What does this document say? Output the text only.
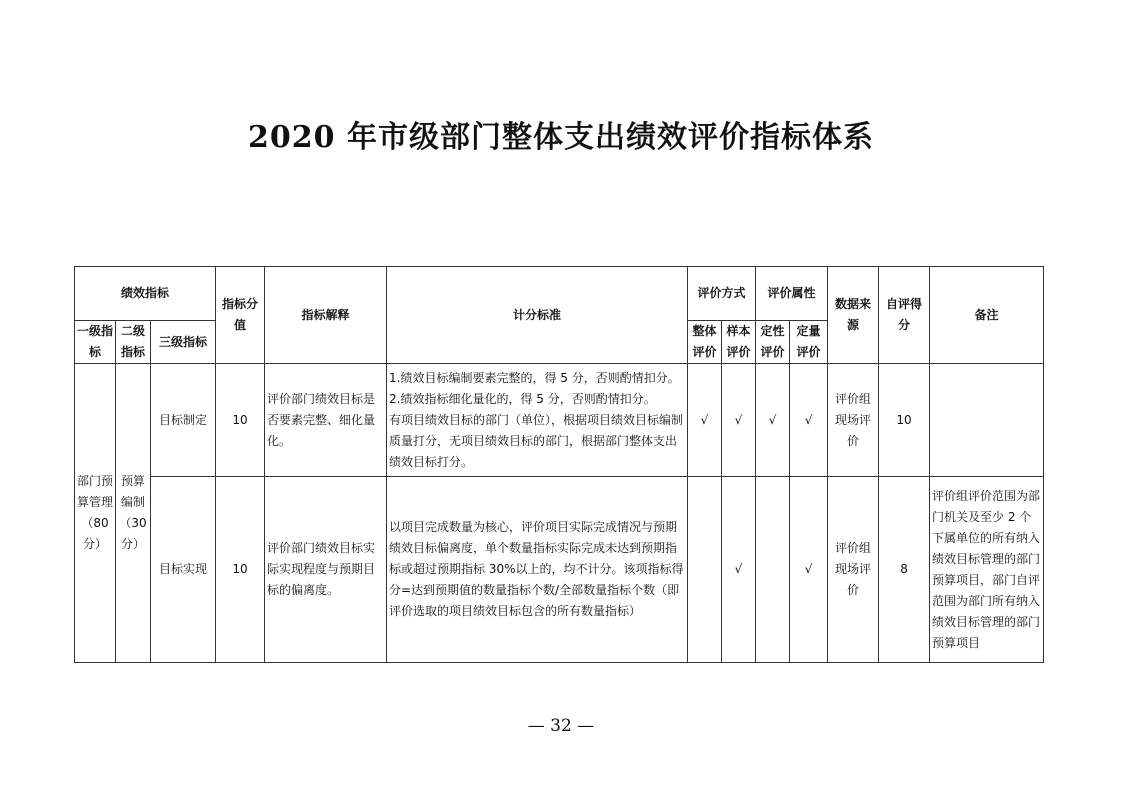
2020 年市级部门整体支出绩效评价指标体系
绩效指标			指标分值	指标解释	计分标准	评价方式		评价属性		数据来源	自评得分	备注
一级指标	二级指标	三级指标				整体评价	样本评价	定性评价	定量评价			
部门预算管理（80分）	预算编制（30分）	目标制定	10	评价部门绩效目标是否要素完整、细化量化。	1.绩效目标编制要素完整的，得 5 分，否则酌情扣分。
2.绩效指标细化量化的，得 5 分，否则酌情扣分。
有项目绩效目标的部门（单位），根据项目绩效目标编制质量打分，无项目绩效目标的部门，根据部门整体支出绩效目标打分。	√	√	√	√	评价组现场评价	10	
		目标实现	10	评价部门绩效目标实际实现程度与预期目标的偏离度。	以项目完成数量为核心，评价项目实际完成情况与预期绩效目标偏离度，单个数量指标实际完成未达到预期指标或超过预期指标 30%以上的，均不计分。该项指标得分=达到预期值的数量指标个数/全部数量指标个数（即评价选取的项目绩效目标包含的所有数量指标）		√		√	评价组现场评价	8	评价组评价范围为部门机关及至少 2 个下属单位的所有纳入绩效目标管理的部门预算项目，部门自评范围为部门所有纳入绩效目标管理的部门预算项目
— 32 —
